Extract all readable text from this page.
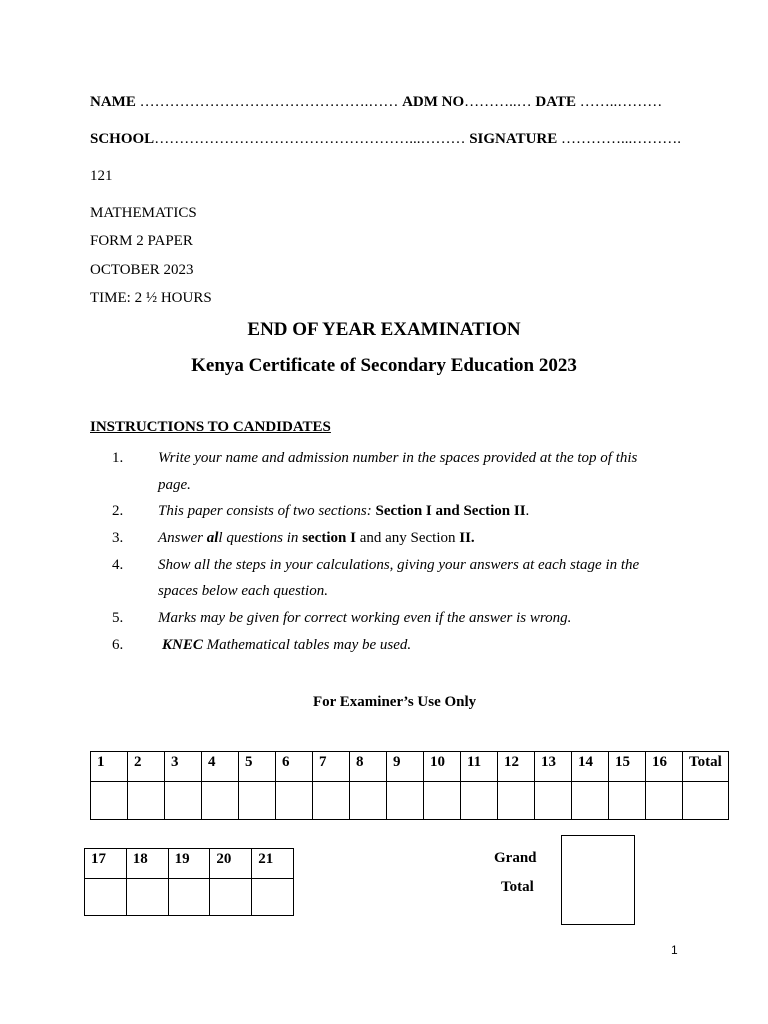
NAME ……………………………………….…… ADM NO………..… DATE ……..………
SCHOOL……………………………………………...……… SIGNATURE …………...……….
121
MATHEMATICS
FORM 2 PAPER
OCTOBER 2023
TIME: 2 ½ HOURS
END OF YEAR EXAMINATION
Kenya Certificate of Secondary Education 2023
INSTRUCTIONS TO CANDIDATES
1. Write your name and admission number in the spaces provided at the top of this
page.
2. This paper consists of two sections: Section I and Section II.
3. Answer all questions in section I and any Section II.
4. Show all the steps in your calculations, giving your answers at each stage in the
spaces below each question.
5. Marks may be given for correct working even if the answer is wrong.
6.	KNEC Mathematical tables may be used.
For Examiner’s Use Only
1	2	3	4	5	6	7	8	9	10	11	12	13	14	15	16	Total

17	18	19	20	21
					Grand
Total
1
